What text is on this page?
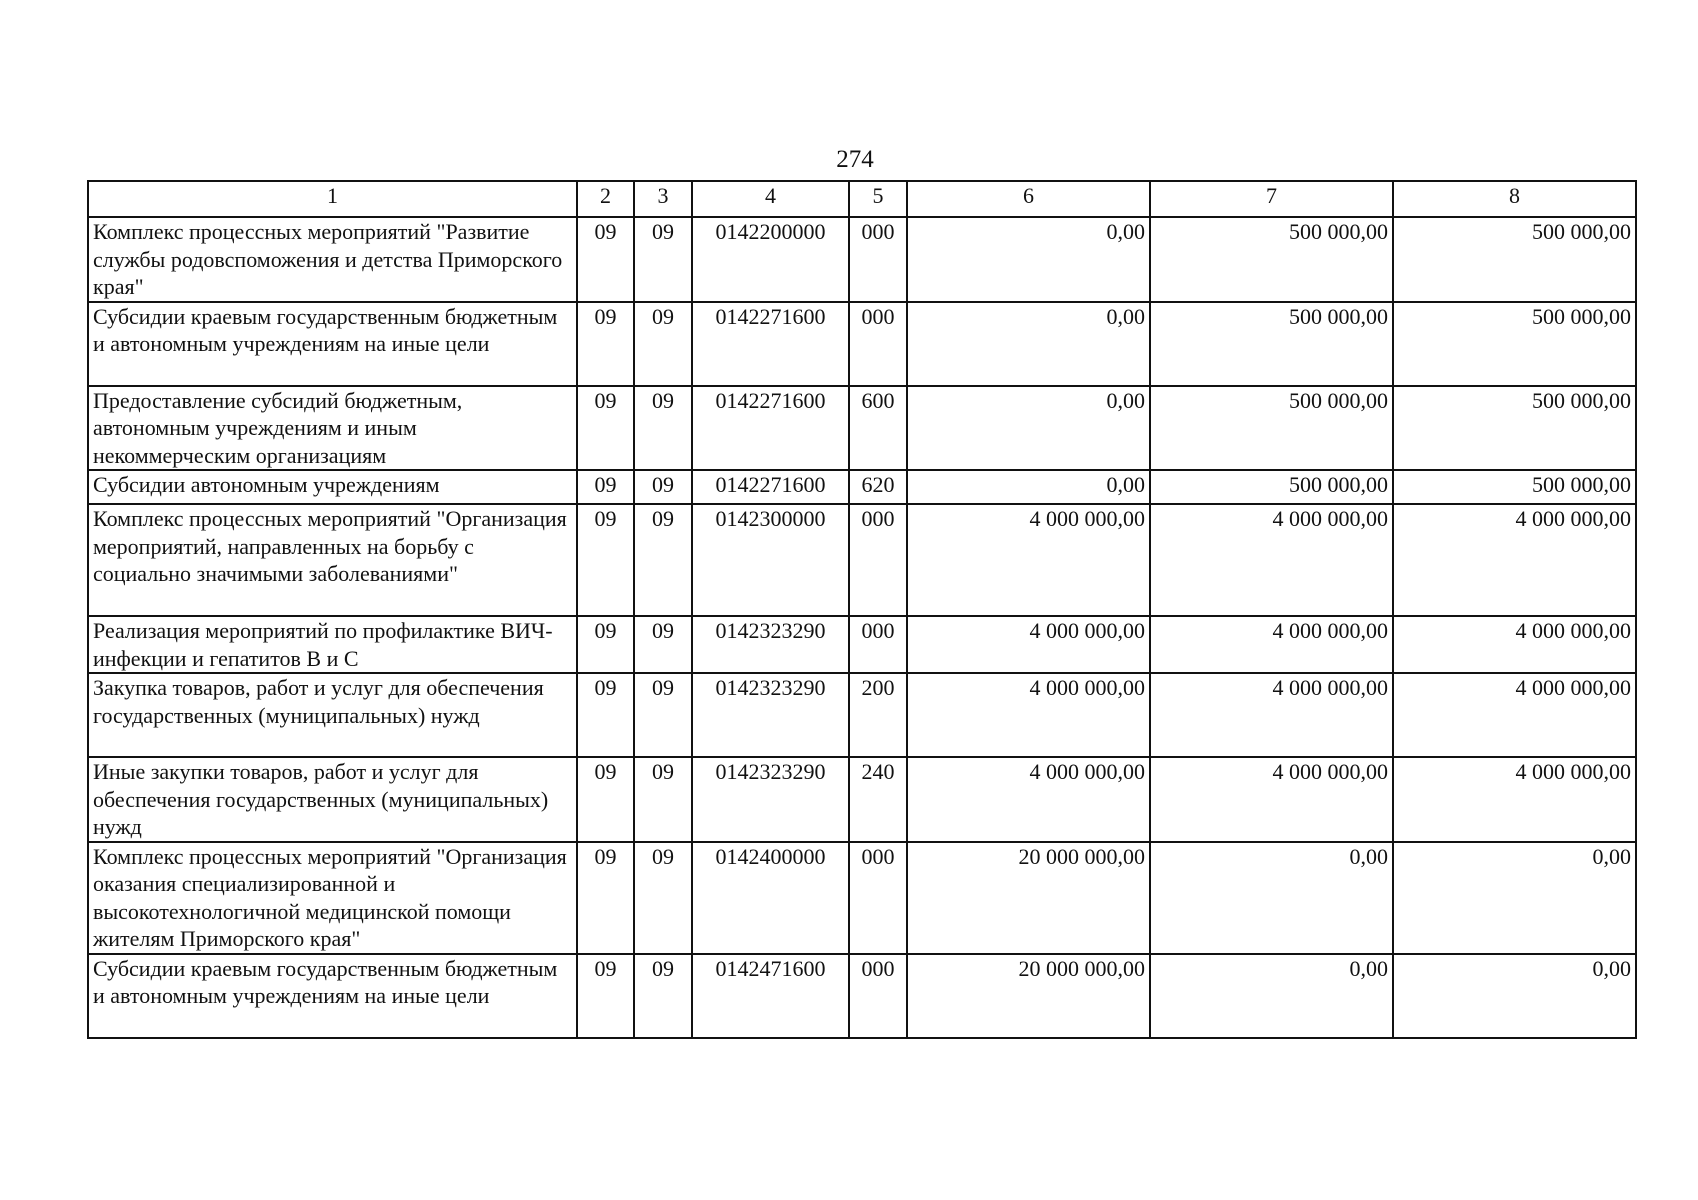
274
1	2	3	4	5	6	7	8
Комплекс процессных мероприятий "Развитие службы родовспоможения и детства Приморского края"	09	09	0142200000	000	0,00	500 000,00	500 000,00
Субсидии краевым государственным бюджетным и автономным учреждениям на иные цели	09	09	0142271600	000	0,00	500 000,00	500 000,00
Предоставление субсидий бюджетным, автономным учреждениям и иным некоммерческим организациям	09	09	0142271600	600	0,00	500 000,00	500 000,00
Субсидии автономным учреждениям	09	09	0142271600	620	0,00	500 000,00	500 000,00
Комплекс процессных мероприятий "Организация мероприятий, направленных на борьбу с социально значимыми заболеваниями"	09	09	0142300000	000	4 000 000,00	4 000 000,00	4 000 000,00
Реализация мероприятий по профилактике ВИЧ-инфекции и гепатитов В и С	09	09	0142323290	000	4 000 000,00	4 000 000,00	4 000 000,00
Закупка товаров, работ и услуг для обеспечения государственных (муниципальных) нужд	09	09	0142323290	200	4 000 000,00	4 000 000,00	4 000 000,00
Иные закупки товаров, работ и услуг для обеспечения государственных (муниципальных) нужд	09	09	0142323290	240	4 000 000,00	4 000 000,00	4 000 000,00
Комплекс процессных мероприятий "Организация оказания специализированной и высокотехнологичной медицинской помощи жителям Приморского края"	09	09	0142400000	000	20 000 000,00	0,00	0,00
Субсидии краевым государственным бюджетным и автономным учреждениям на иные цели	09	09	0142471600	000	20 000 000,00	0,00	0,00
